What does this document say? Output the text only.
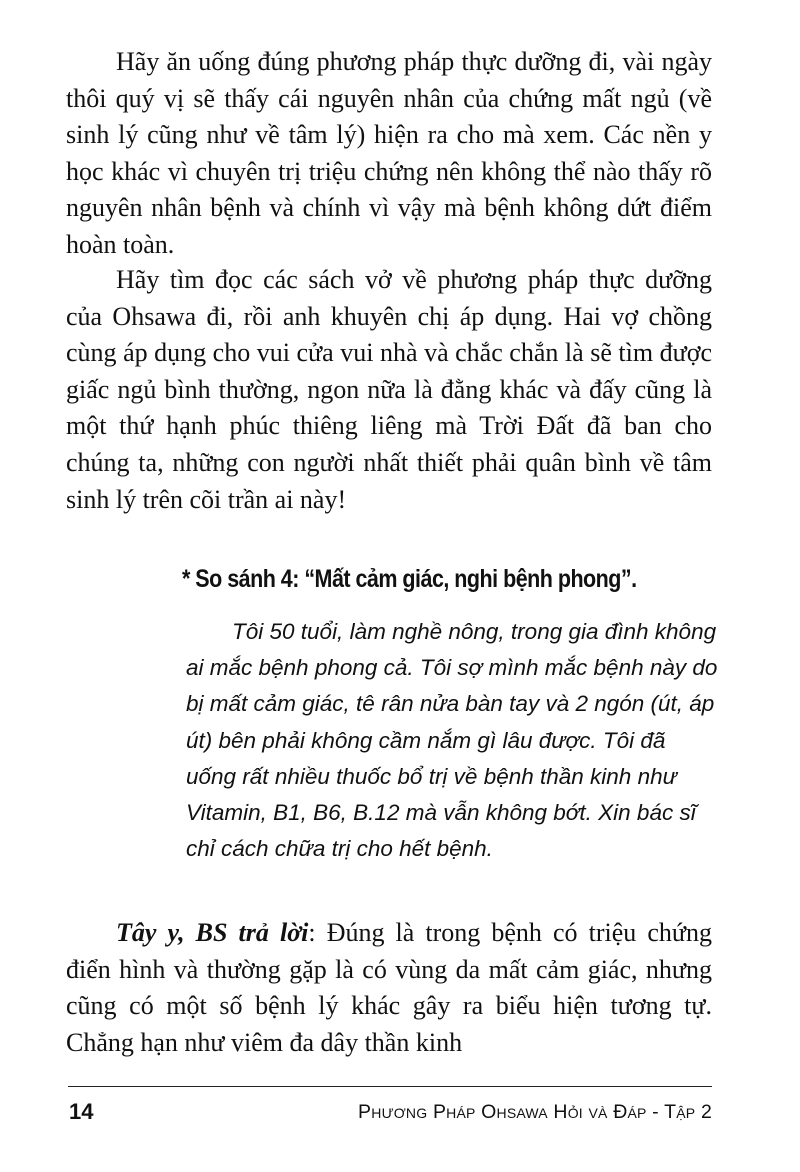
Hãy ăn uống đúng phương pháp thực dưỡng đi, vài ngày thôi quý vị sẽ thấy cái nguyên nhân của chứng mất ngủ (về sinh lý cũng như về tâm lý) hiện ra cho mà xem. Các nền y học khác vì chuyên trị triệu chứng nên không thể nào thấy rõ nguyên nhân bệnh và chính vì vậy mà bệnh không dứt điểm hoàn toàn.

Hãy tìm đọc các sách vở về phương pháp thực dưỡng của Ohsawa đi, rồi anh khuyên chị áp dụng. Hai vợ chồng cùng áp dụng cho vui cửa vui nhà và chắc chắn là sẽ tìm được giấc ngủ bình thường, ngon nữa là đằng khác và đấy cũng là một thứ hạnh phúc thiêng liêng mà Trời Đất đã ban cho chúng ta, những con người nhất thiết phải quân bình về tâm sinh lý trên cõi trần ai này!

* So sánh 4: “Mất cảm giác, nghi bệnh phong”.

Tôi 50 tuổi, làm nghề nông, trong gia đình không ai mắc bệnh phong cả. Tôi sợ mình mắc bệnh này do bị mất cảm giác, tê rân nửa bàn tay và 2 ngón (út, áp út) bên phải không cầm nắm gì lâu được. Tôi đã uống rất nhiều thuốc bổ trị về bệnh thần kinh như Vitamin, B1, B6, B.12 mà vẫn không bớt. Xin bác sĩ chỉ cách chữa trị cho hết bệnh.

Tây y, BS trả lời: Đúng là trong bệnh có triệu chứng điển hình và thường gặp là có vùng da mất cảm giác, nhưng cũng có một số bệnh lý khác gây ra biểu hiện tương tự. Chẳng hạn như viêm đa dây thần kinh

14	Phương Pháp Ohsawa Hỏi và Đáp - Tập 2
